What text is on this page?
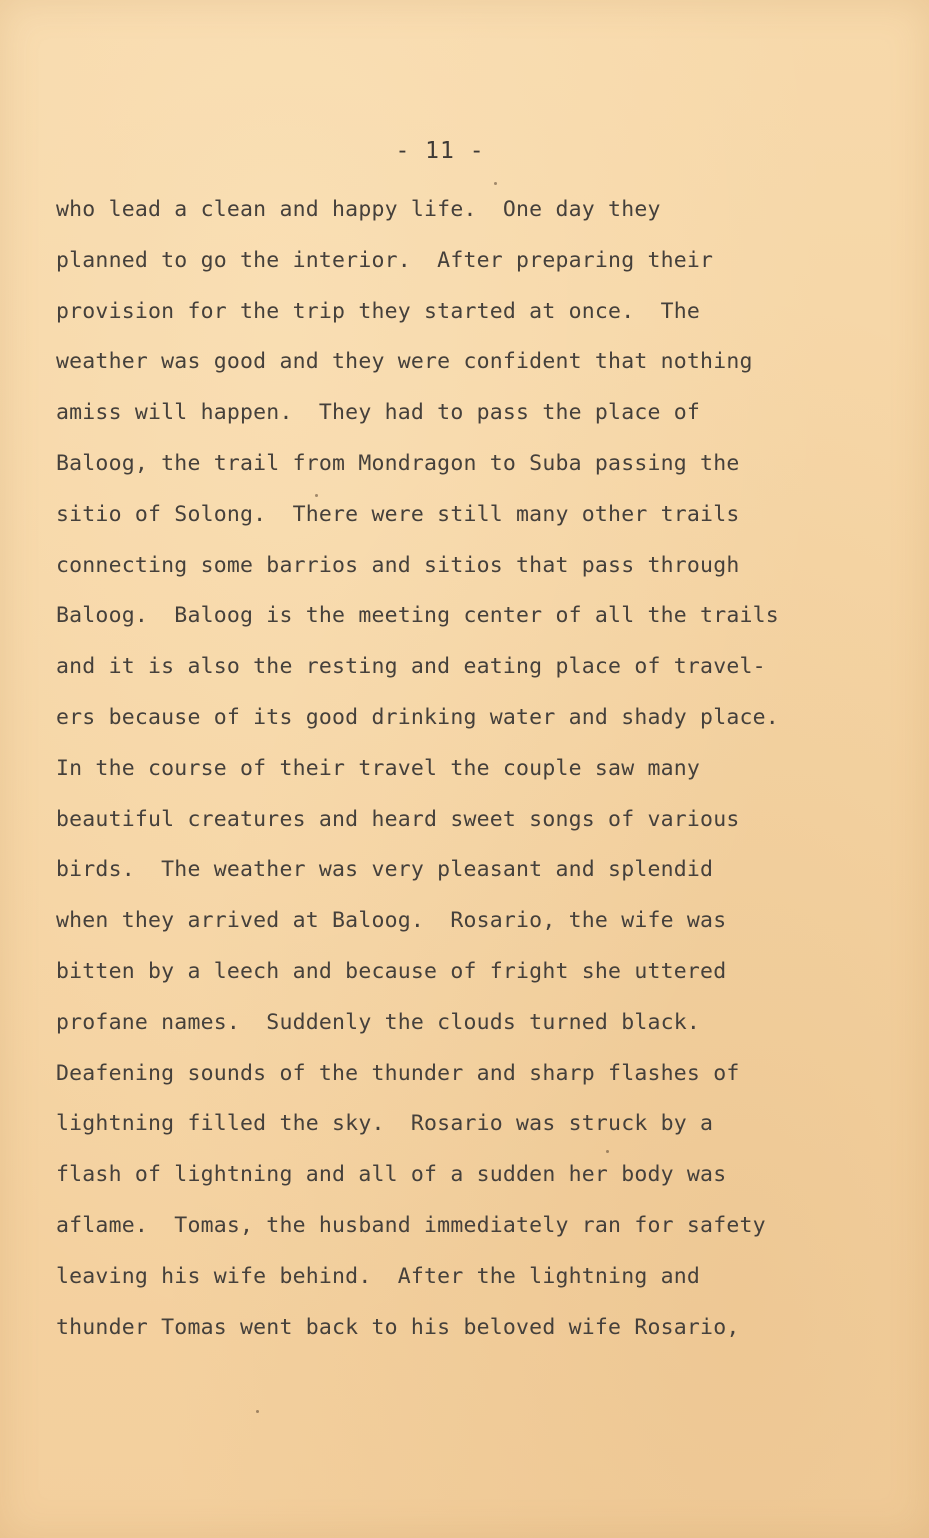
- 11 -
who lead a clean and happy life.  One day they
planned to go the interior.  After preparing their
provision for the trip they started at once.  The
weather was good and they were confident that nothing
amiss will happen.  They had to pass the place of
Baloog, the trail from Mondragon to Suba passing the
sitio of Solong.  There were still many other trails
connecting some barrios and sitios that pass through
Baloog.  Baloog is the meeting center of all the trails
and it is also the resting and eating place of travel-
ers because of its good drinking water and shady place.
In the course of their travel the couple saw many
beautiful creatures and heard sweet songs of various
birds.  The weather was very pleasant and splendid
when they arrived at Baloog.  Rosario, the wife was
bitten by a leech and because of fright she uttered
profane names.  Suddenly the clouds turned black.
Deafening sounds of the thunder and sharp flashes of
lightning filled the sky.  Rosario was struck by a
flash of lightning and all of a sudden her body was
aflame.  Tomas, the husband immediately ran for safety
leaving his wife behind.  After the lightning and
thunder Tomas went back to his beloved wife Rosario,
